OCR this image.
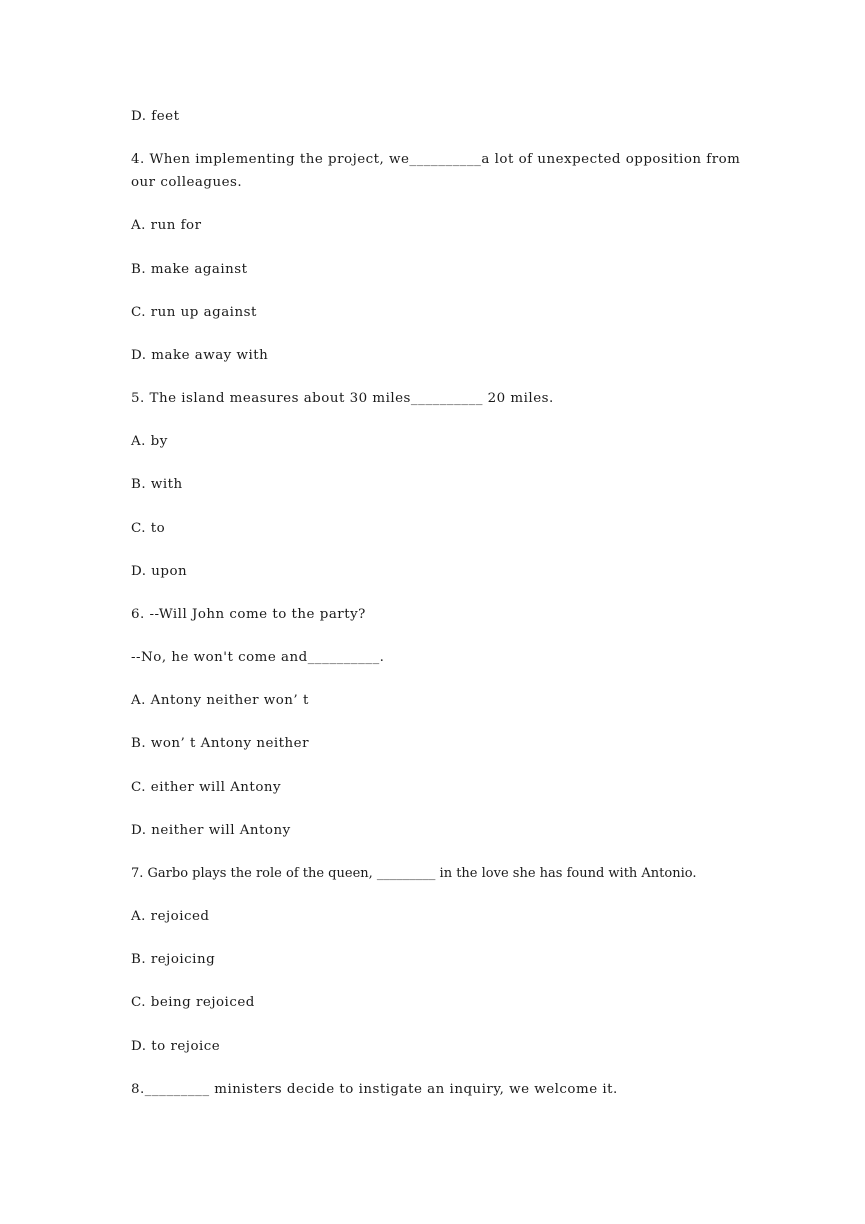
D. feet

4. When implementing the project, we__________a lot of unexpected opposition from our colleagues.

A. run for

B. make against

C. run up against

D. make away with

5. The island measures about 30 miles__________ 20 miles.

A. by

B. with

C. to

D. upon

6. --Will John come to the party?

--No, he won't come and__________.

A. Antony neither won’ t

B. won’ t Antony neither

C. either will Antony

D. neither will Antony

7. Garbo plays the role of the queen, _________ in the love she has found with Antonio.

A. rejoiced

B. rejoicing

C. being rejoiced

D. to rejoice

8._________ ministers decide to instigate an inquiry, we welcome it.
